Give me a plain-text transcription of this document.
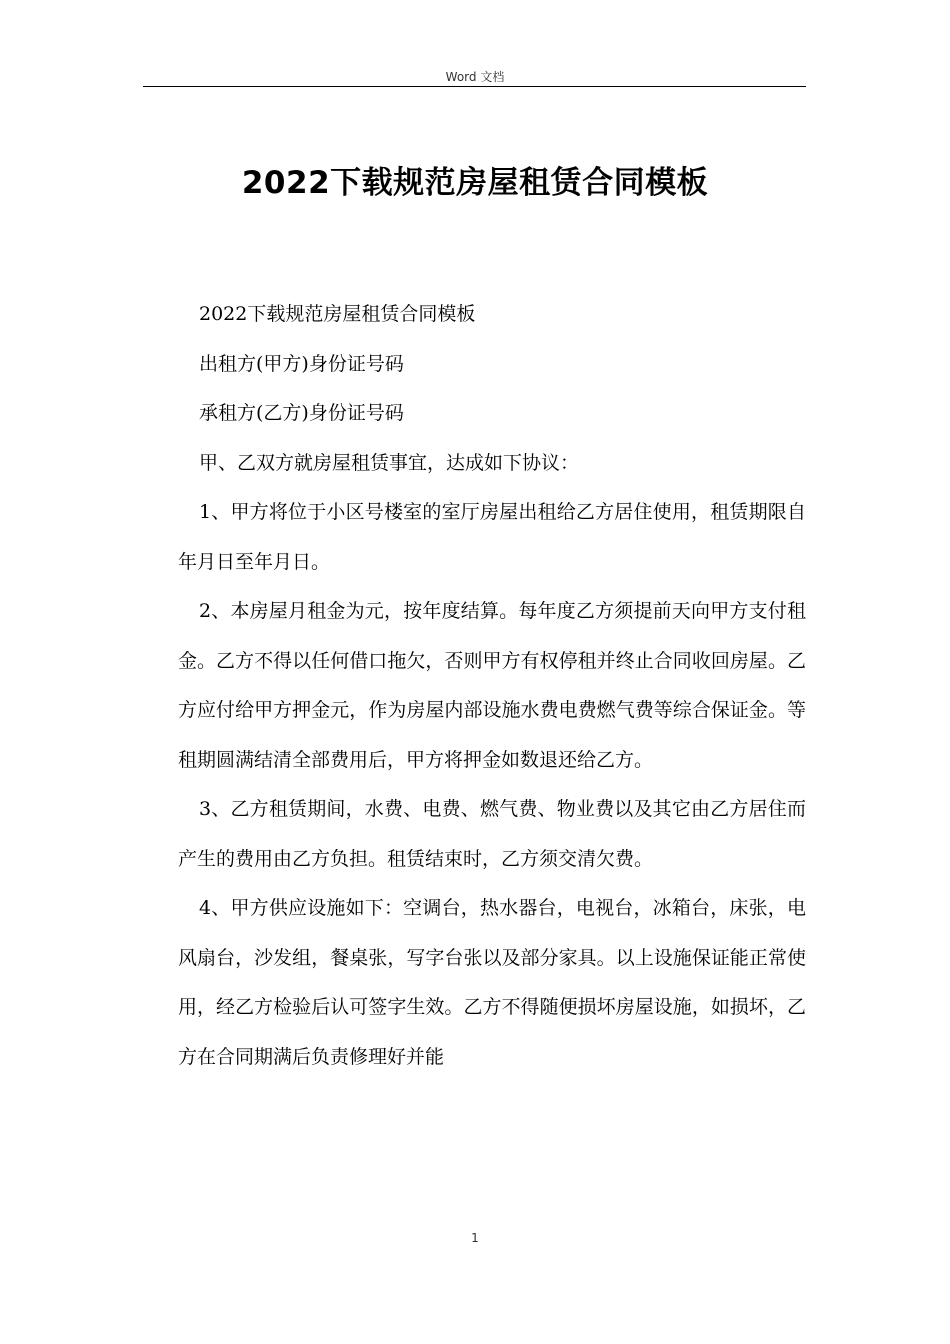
Word 文档
2022下载规范房屋租赁合同模板

2022下载规范房屋租赁合同模板

出租方(甲方)身份证号码

承租方(乙方)身份证号码

甲、乙双方就房屋租赁事宜，达成如下协议：

1、甲方将位于小区号楼室的室厅房屋出租给乙方居住使用，租赁期限自年月日至年月日。

2、本房屋月租金为元，按年度结算。每年度乙方须提前天向甲方支付租金。乙方不得以任何借口拖欠，否则甲方有权停租并终止合同收回房屋。乙方应付给甲方押金元，作为房屋内部设施水费电费燃气费等综合保证金。等租期圆满结清全部费用后，甲方将押金如数退还给乙方。

3、乙方租赁期间，水费、电费、燃气费、物业费以及其它由乙方居住而产生的费用由乙方负担。租赁结束时，乙方须交清欠费。

4、甲方供应设施如下：空调台，热水器台，电视台，冰箱台，床张，电风扇台，沙发组，餐桌张，写字台张以及部分家具。以上设施保证能正常使用，经乙方检验后认可签字生效。乙方不得随便损坏房屋设施，如损坏，乙方在合同期满后负责修理好并能

1
